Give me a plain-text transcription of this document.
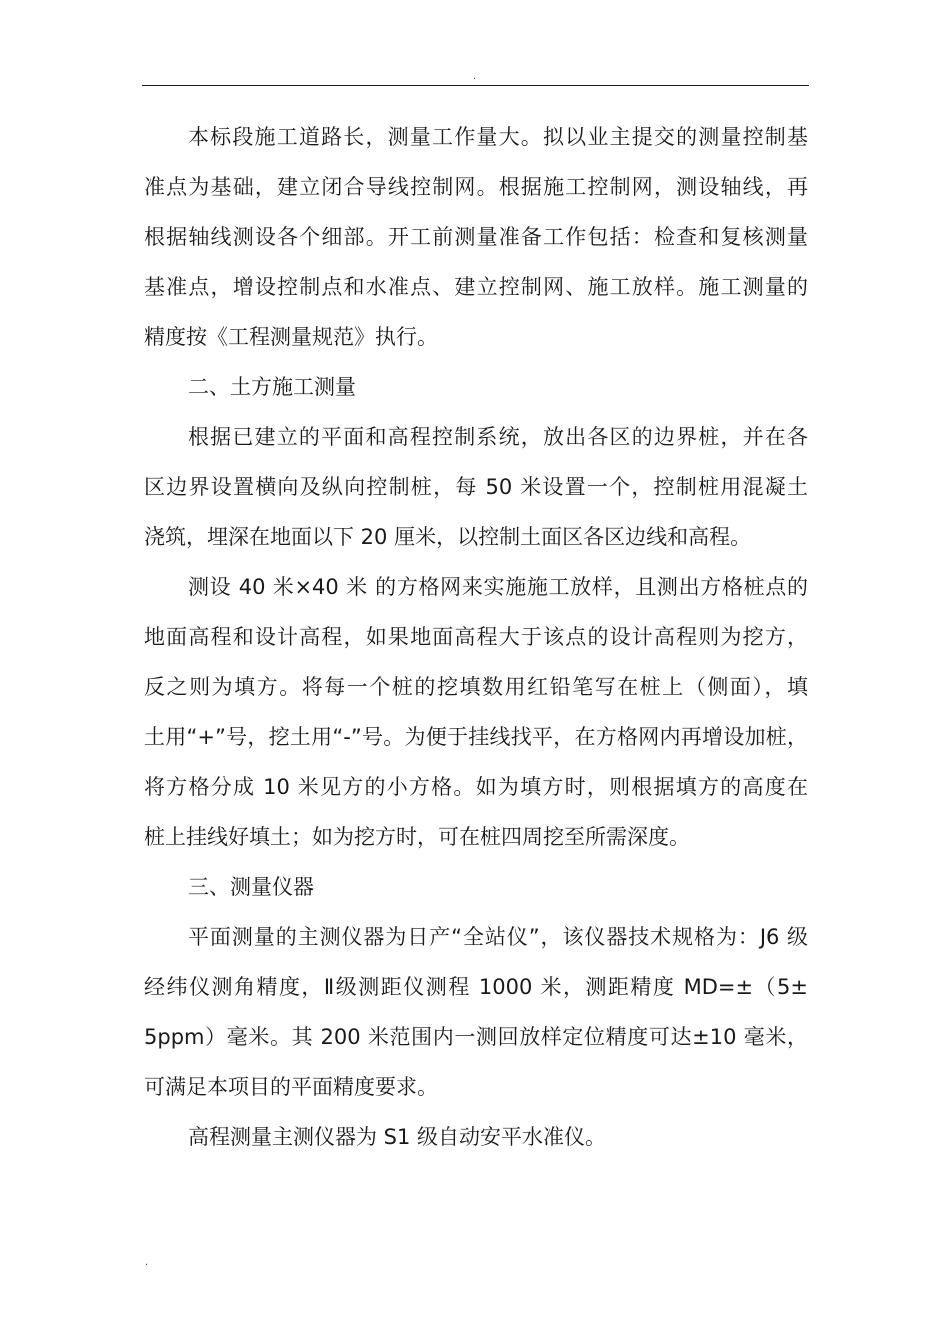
.
本标段施工道路长，测量工作量大。拟以业主提交的测量控制基
准点为基础，建立闭合导线控制网。根据施工控制网，测设轴线，再
根据轴线测设各个细部。开工前测量准备工作包括：检查和复核测量
基准点，增设控制点和水准点、建立控制网、施工放样。施工测量的
精度按《工程测量规范》执行。
二、土方施工测量
根据已建立的平面和高程控制系统，放出各区的边界桩，并在各
区边界设置横向及纵向控制桩，每 50 米设置一个，控制桩用混凝土
浇筑，埋深在地面以下 20 厘米，以控制土面区各区边线和高程。
测设 40 米×40 米 的方格网来实施施工放样，且测出方格桩点的
地面高程和设计高程，如果地面高程大于该点的设计高程则为挖方，
反之则为填方。将每一个桩的挖填数用红铅笔写在桩上（侧面），填
土用“+”号，挖土用“-”号。为便于挂线找平，在方格网内再增设加桩，
将方格分成 10 米见方的小方格。如为填方时，则根据填方的高度在
桩上挂线好填土；如为挖方时，可在桩四周挖至所需深度。
三、测量仪器
平面测量的主测仪器为日产“全站仪”，该仪器技术规格为：J6 级
经纬仪测角精度，Ⅱ级测距仪测程 1000 米，测距精度 MD=±（5±
5ppm）毫米。其 200 米范围内一测回放样定位精度可达±10 毫米，
可满足本项目的平面精度要求。
高程测量主测仪器为 S1 级自动安平水准仪。
.
